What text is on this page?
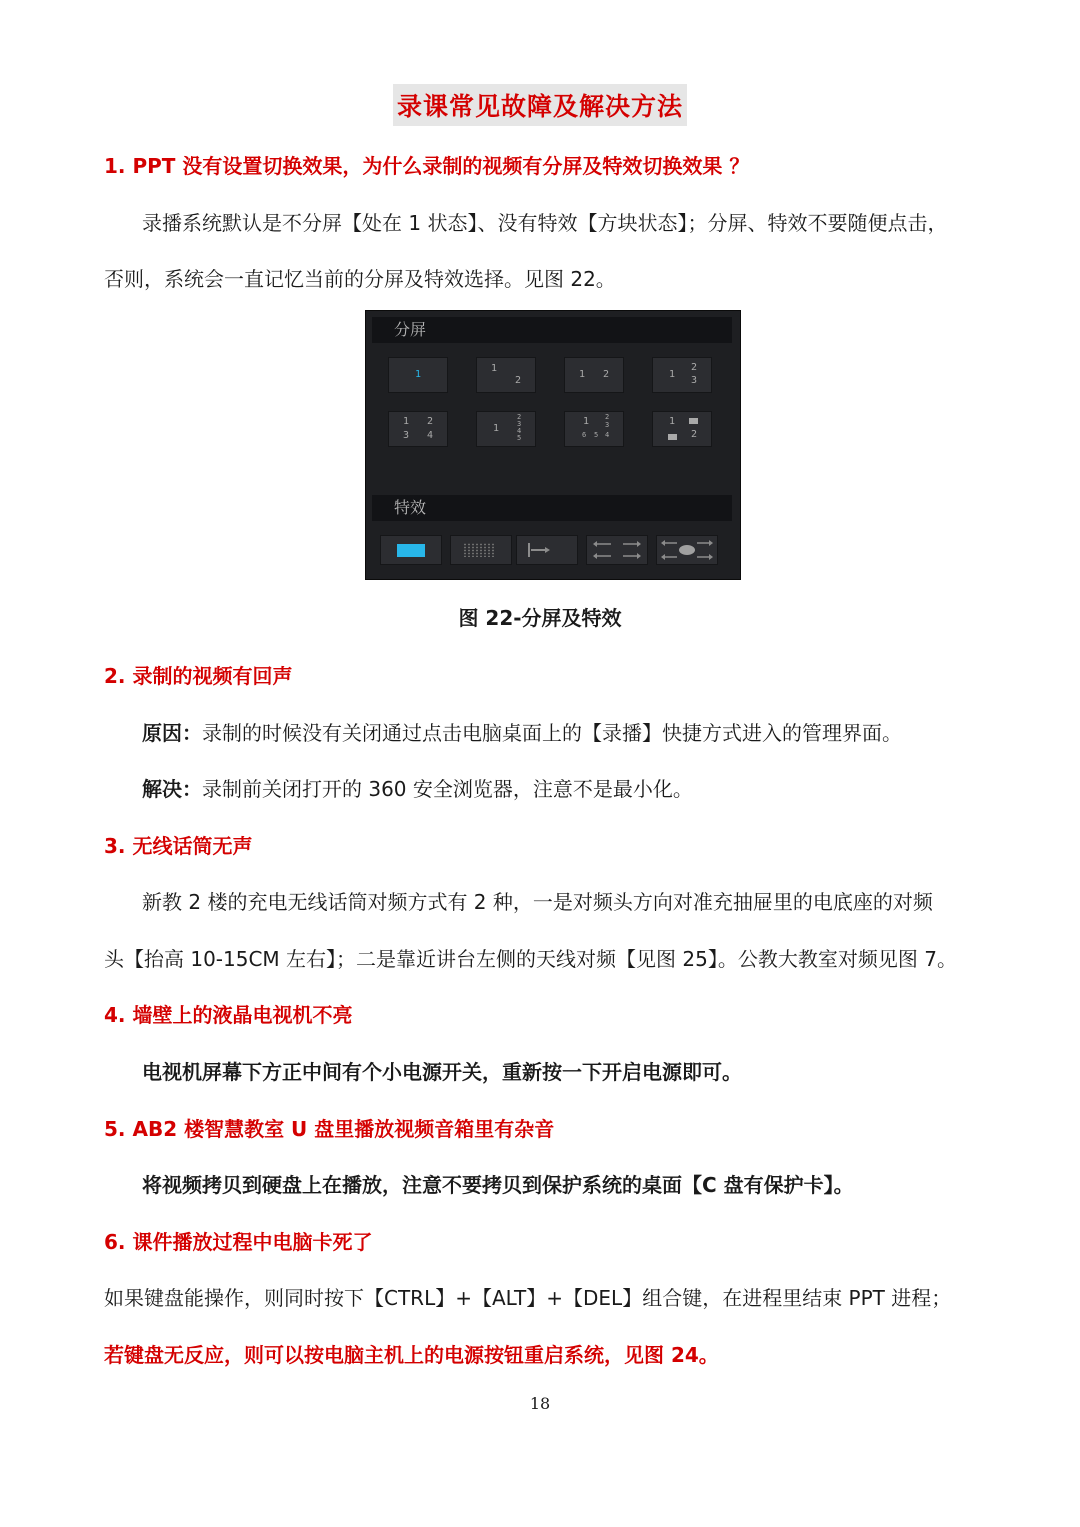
录课常见故障及解决方法
1. PPT 没有设置切换效果，为什么录制的视频有分屏及特效切换效果 ？
录播系统默认是不分屏【处在 1 状态】、没有特效【方块状态】；分屏、特效不要随便点击，
否则，系统会一直记忆当前的分屏及特效选择。见图 22。
分屏
1
1
2
1 2	1
2
3
1 2
3 4
1
2
3
4
5
1 2
3
4
5
6
1
2
特效
图 22-分屏及特效
2. 录制的视频有回声
原因：录制的时候没有关闭通过点击电脑桌面上的【录播】快捷方式进入的管理界面。
解决：录制前关闭打开的 360 安全浏览器，注意不是最小化。
3. 无线话筒无声
新教 2 楼的充电无线话筒对频方式有 2 种，一是对频头方向对准充抽屉里的电底座的对频
头【抬高 10-15CM 左右】；二是靠近讲台左侧的天线对频【见图 25】。公教大教室对频见图 7。
4. 墙壁上的液晶电视机不亮
电视机屏幕下方正中间有个小电源开关，重新按一下开启电源即可。
5. AB2 楼智慧教室 U 盘里播放视频音箱里有杂音
将视频拷贝到硬盘上在播放，注意不要拷贝到保护系统的桌面【C 盘有保护卡】。
6. 课件播放过程中电脑卡死了
如果键盘能操作，则同时按下【CTRL】+【ALT】+【DEL】组合键，在进程里结束 PPT 进程；
若键盘无反应，则可以按电脑主机上的电源按钮重启系统，见图 24。
18
